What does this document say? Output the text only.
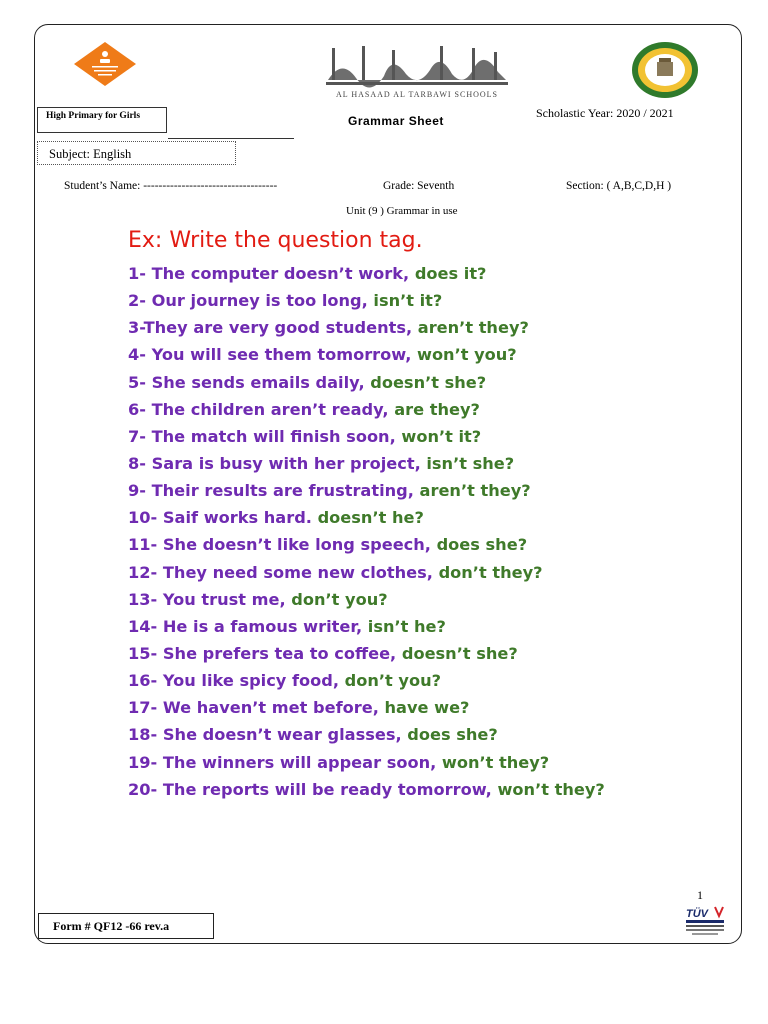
AL HASAAD AL TARBAWI SCHOOLS
High Primary for Girls	Grammar Sheet
Scholastic Year: 2020 / 2021
Subject: English
Student’s Name: -----------------------------------	Grade: Seventh	Section: ( A,B,C,D,H )
Unit (9 ) Grammar in use
Ex: Write the question tag.
1- The computer doesn’t work, does it?
2- Our journey is too long, isn’t it?
3-They are very good students, aren’t they?
4- You will see them tomorrow, won’t you?
5- She sends emails daily, doesn’t she?
6- The children aren’t ready, are they?
7- The match will finish soon, won’t it?
8- Sara is busy with her project, isn’t she?
9- Their results are frustrating, aren’t they?
10- Saif works hard. doesn’t he?
11- She doesn’t like long speech, does she?
12- They need some new clothes, don’t they?
13- You trust me, don’t you?
14- He is a famous writer, isn’t he?
15- She prefers tea to coffee, doesn’t she?
16- You like spicy food, don’t you?
17- We haven’t met before, have we?
18- She doesn’t wear glasses, does she?
19- The winners will appear soon, won’t they?
20- The reports will be ready tomorrow, won’t they?
1
Form # QF12 -66 rev.a
TÜV
